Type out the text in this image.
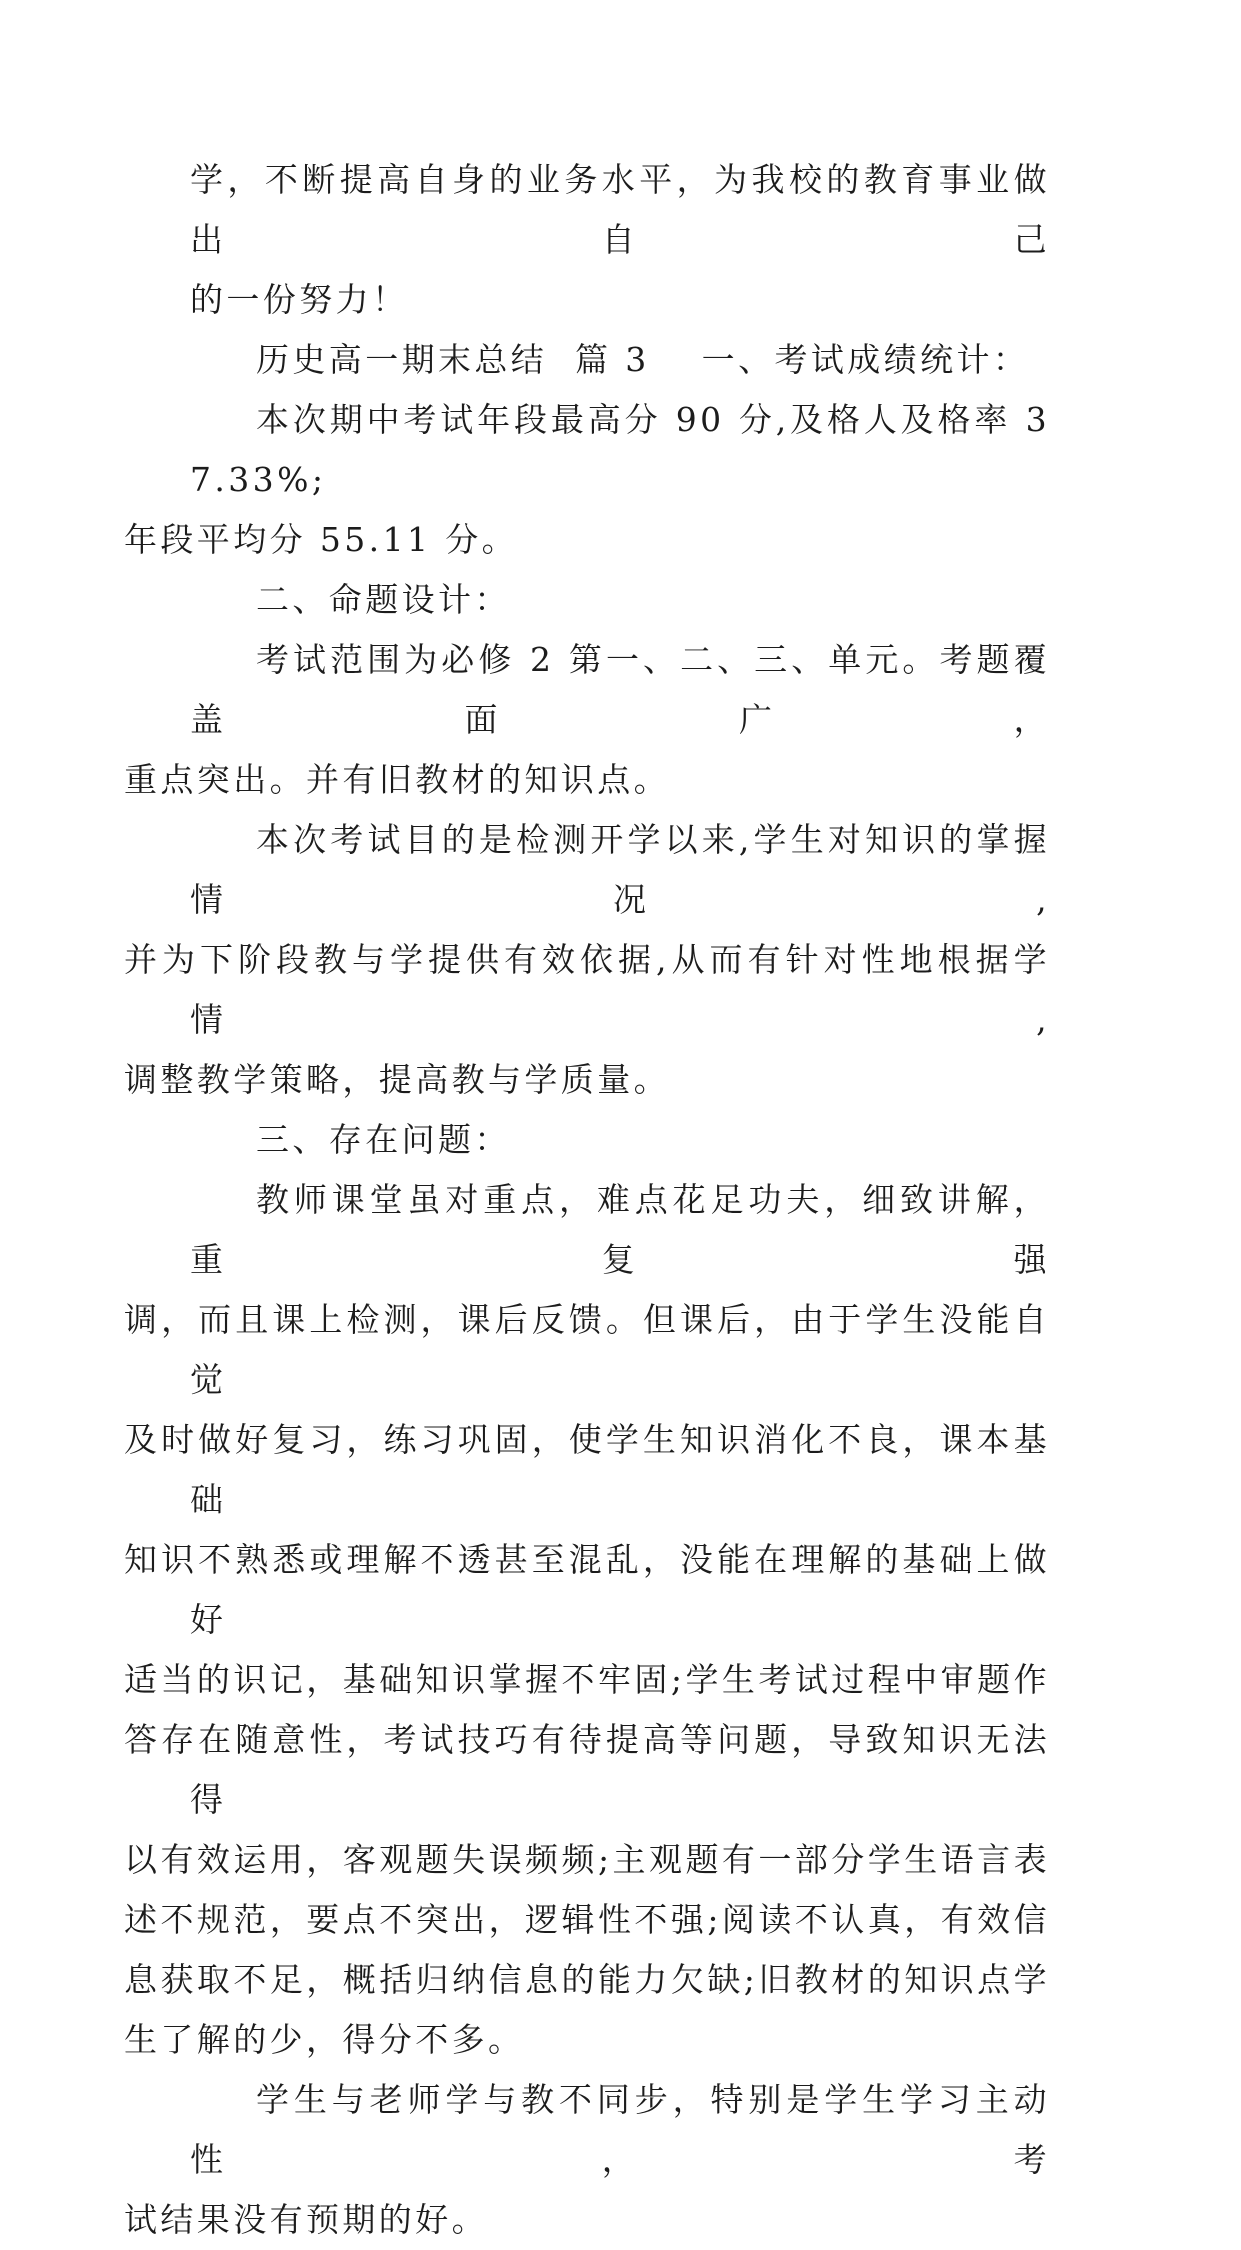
学，不断提高自身的业务水平，为我校的教育事业做出自己
的一份努力！

历史高一期末总结 篇 3 一、考试成绩统计：

本次期中考试年段最高分 90 分,及格人及格率 37.33%;
年段平均分 55.11 分。

二、命题设计：

考试范围为必修 2 第一、二、三、单元。考题覆盖面广，
重点突出。并有旧教材的知识点。

本次考试目的是检测开学以来,学生对知识的掌握情况,
并为下阶段教与学提供有效依据,从而有针对性地根据学情,
调整教学策略，提高教与学质量。

三、存在问题：

教师课堂虽对重点，难点花足功夫，细致讲解，重复强
调，而且课上检测，课后反馈。但课后，由于学生没能自觉
及时做好复习，练习巩固，使学生知识消化不良，课本基础
知识不熟悉或理解不透甚至混乱，没能在理解的基础上做好
适当的识记，基础知识掌握不牢固;学生考试过程中审题作
答存在随意性，考试技巧有待提高等问题，导致知识无法得
以有效运用，客观题失误频频;主观题有一部分学生语言表
述不规范，要点不突出，逻辑性不强;阅读不认真，有效信
息获取不足，概括归纳信息的能力欠缺;旧教材的知识点学
生了解的少，得分不多。

学生与老师学与教不同步，特别是学生学习主动性，考
试结果没有预期的好。
